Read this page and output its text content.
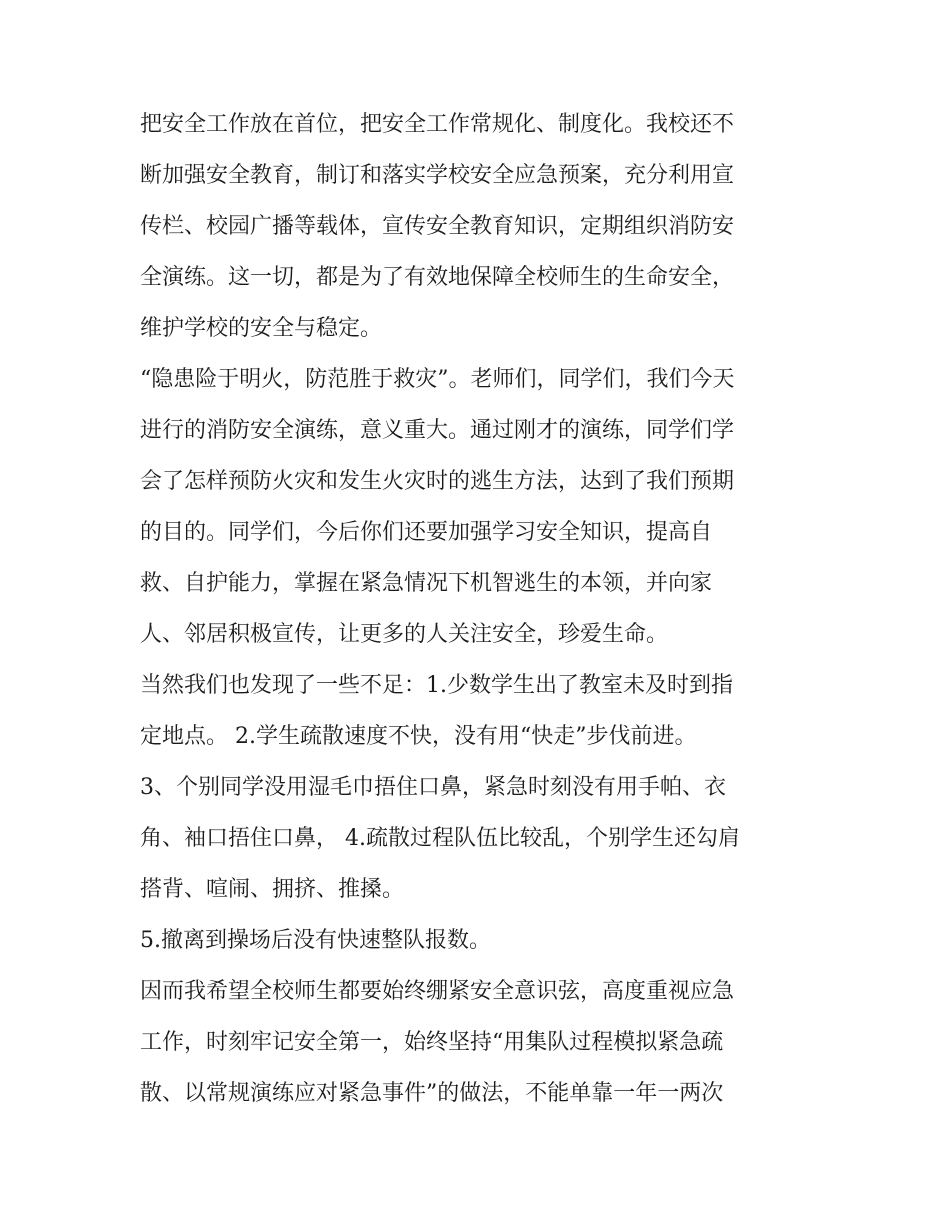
把安全工作放在首位，把安全工作常规化、制度化。我校还不
断加强安全教育，制订和落实学校安全应急预案，充分利用宣
传栏、校园广播等载体，宣传安全教育知识，定期组织消防安
全演练。这一切，都是为了有效地保障全校师生的生命安全，
维护学校的安全与稳定。
“隐患险于明火，防范胜于救灾”。老师们，同学们，我们今天
进行的消防安全演练，意义重大。通过刚才的演练，同学们学
会了怎样预防火灾和发生火灾时的逃生方法，达到了我们预期
的目的。同学们，今后你们还要加强学习安全知识，提高自
救、自护能力，掌握在紧急情况下机智逃生的本领，并向家
人、邻居积极宣传，让更多的人关注安全，珍爱生命。
当然我们也发现了一些不足：1.少数学生出了教室未及时到指
定地点。 2.学生疏散速度不快，没有用“快走”步伐前进。
3、个别同学没用湿毛巾捂住口鼻，紧急时刻没有用手帕、衣
角、袖口捂住口鼻， 4.疏散过程队伍比较乱，个别学生还勾肩
搭背、喧闹、拥挤、推搡。
5.撤离到操场后没有快速整队报数。
因而我希望全校师生都要始终绷紧安全意识弦，高度重视应急
工作，时刻牢记安全第一，始终坚持“用集队过程模拟紧急疏
散、以常规演练应对紧急事件”的做法，不能单靠一年一两次
